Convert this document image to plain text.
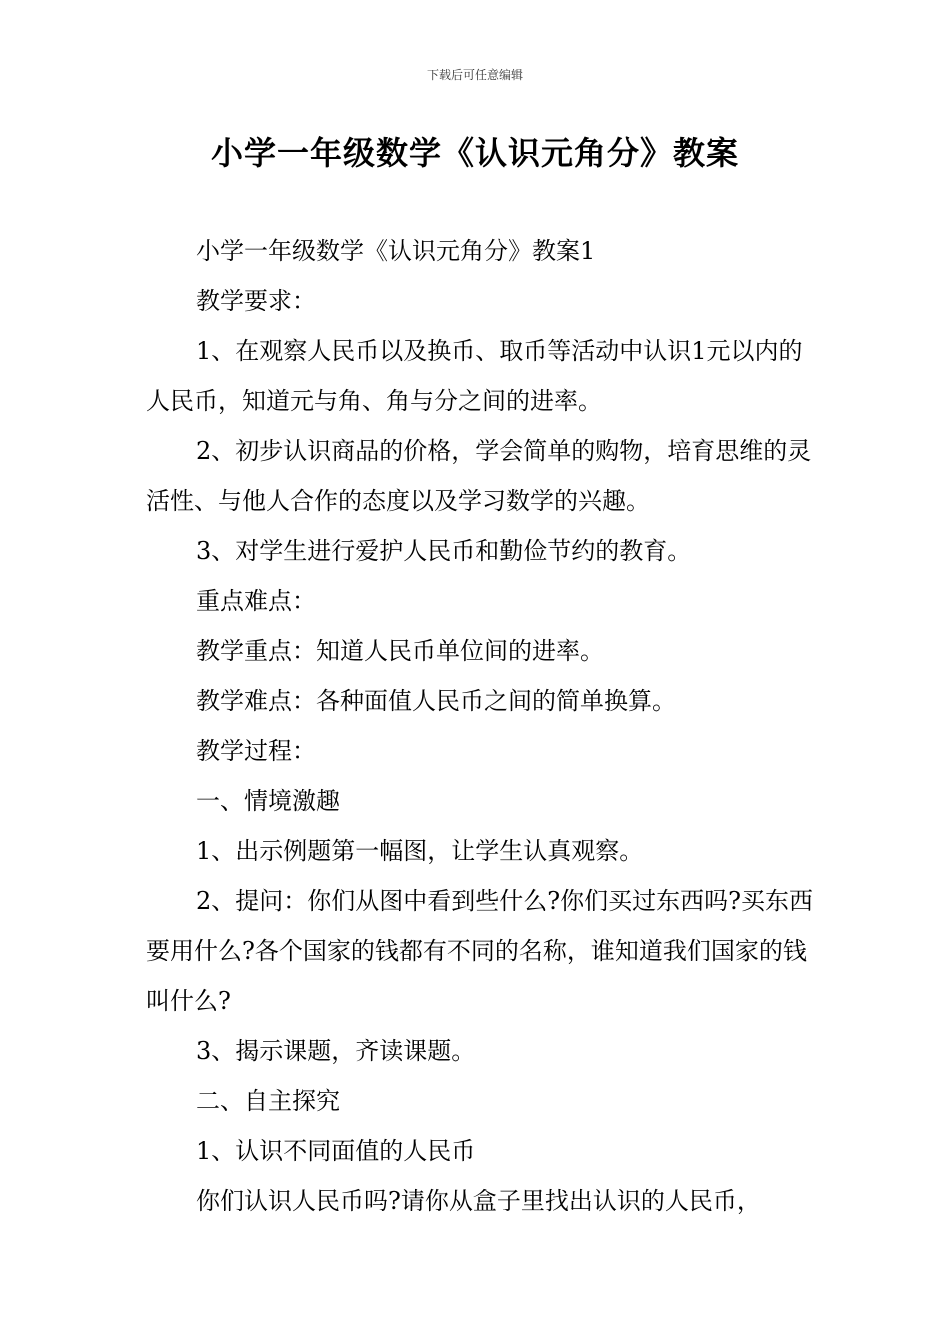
下载后可任意编辑
小学一年级数学《认识元角分》教案

小学一年级数学《认识元角分》教案1

教学要求：

1、在观察人民币以及换币、取币等活动中认识1元以内的人民币，知道元与角、角与分之间的进率。

2、初步认识商品的价格，学会简单的购物，培育思维的灵活性、与他人合作的态度以及学习数学的兴趣。

3、对学生进行爱护人民币和勤俭节约的教育。

重点难点：

教学重点：知道人民币单位间的进率。

教学难点：各种面值人民币之间的简单换算。

教学过程：

一、情境激趣

1、出示例题第一幅图，让学生认真观察。

2、提问：你们从图中看到些什么?你们买过东西吗?买东西要用什么?各个国家的钱都有不同的名称，谁知道我们国家的钱叫什么?

3、揭示课题，齐读课题。

二、自主探究

1、认识不同面值的人民币

你们认识人民币吗?请你从盒子里找出认识的人民币，
